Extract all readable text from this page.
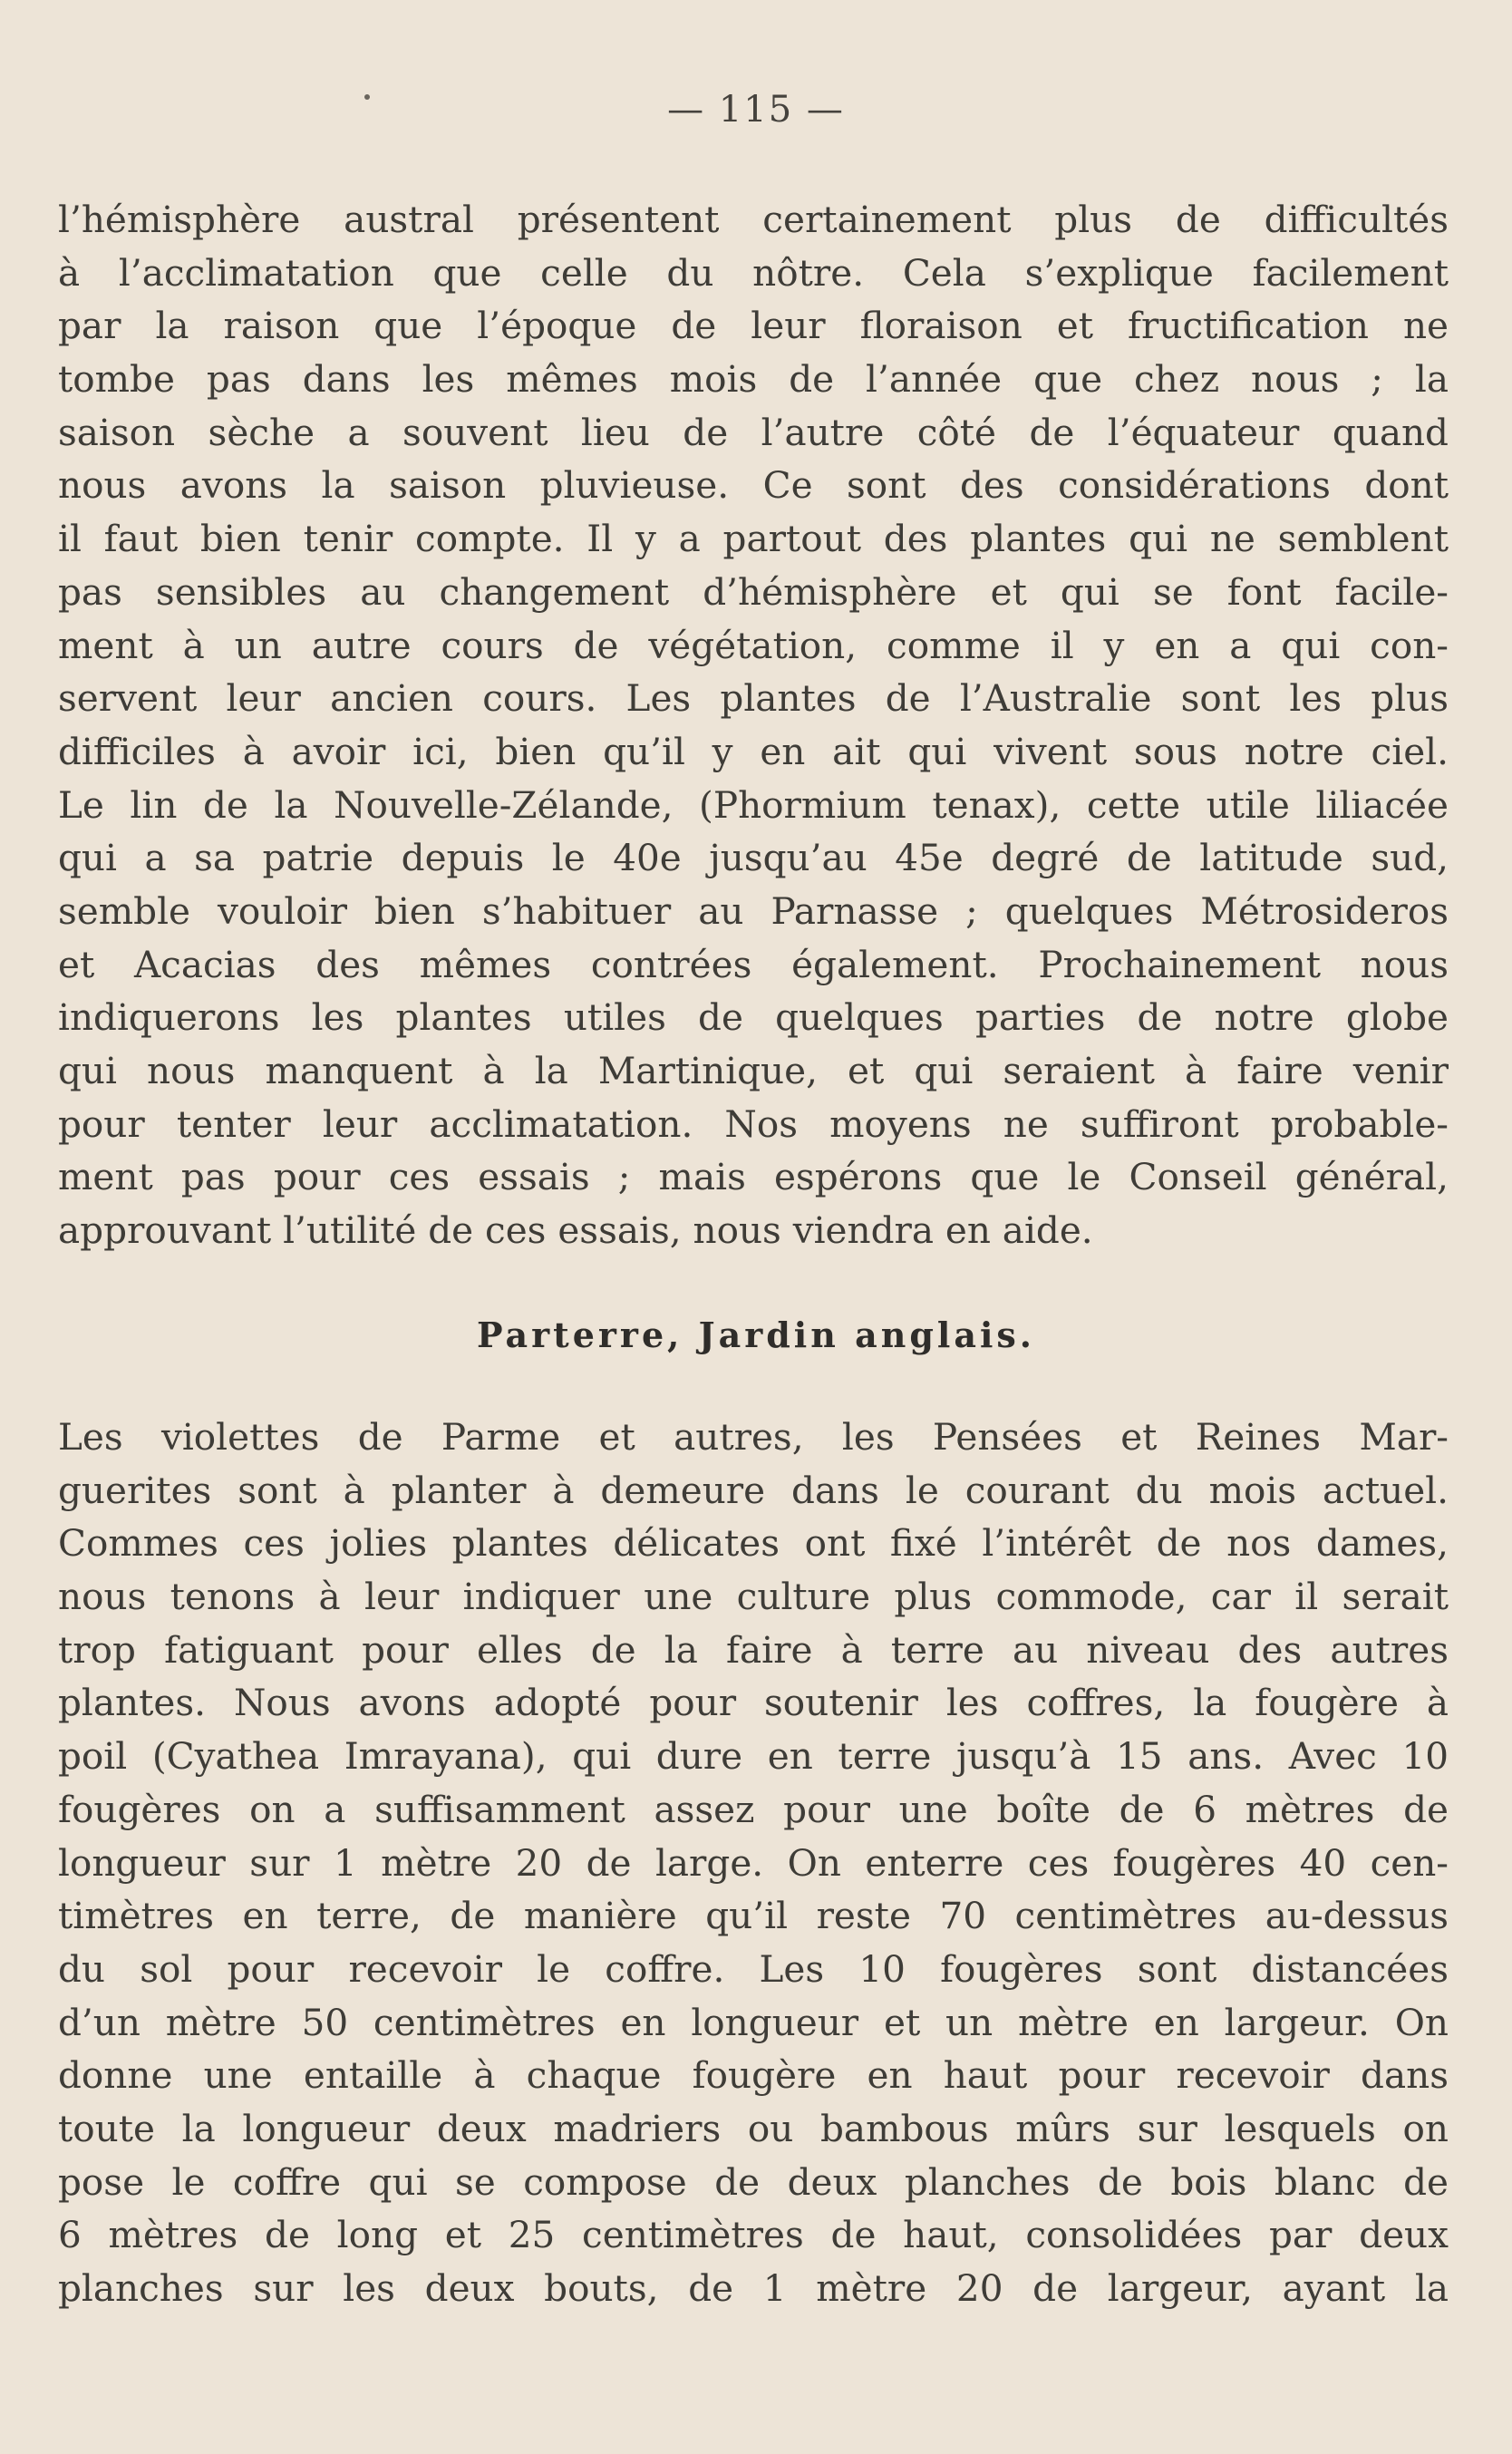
— 115 —
l’hémisphère austral présentent certainement plus de difficultés
à l’acclimatation que celle du nôtre. Cela s’explique facilement
par la raison que l’époque de leur floraison et fructification ne
tombe pas dans les mêmes mois de l’année que chez nous ; la
saison sèche a souvent lieu de l’autre côté de l’équateur quand
nous avons la saison pluvieuse. Ce sont des considérations dont
il faut bien tenir compte. Il y a partout des plantes qui ne semblent
pas sensibles au changement d’hémisphère et qui se font facile-
ment à un autre cours de végétation, comme il y en a qui con-
servent leur ancien cours. Les plantes de l’Australie sont les plus
difficiles à avoir ici, bien qu’il y en ait qui vivent sous notre ciel.
Le lin de la Nouvelle-Zélande, (Phormium tenax), cette utile liliacée
qui a sa patrie depuis le 40e jusqu’au 45e degré de latitude sud,
semble vouloir bien s’habituer au Parnasse ; quelques Métrosideros
et Acacias des mêmes contrées également. Prochainement nous
indiquerons les plantes utiles de quelques parties de notre globe
qui nous manquent à la Martinique, et qui seraient à faire venir
pour tenter leur acclimatation. Nos moyens ne suffiront probable-
ment pas pour ces essais ; mais espérons que le Conseil général,
approuvant l’utilité de ces essais, nous viendra en aide.
Parterre, Jardin anglais.
Les violettes de Parme et autres, les Pensées et Reines Mar-
guerites sont à planter à demeure dans le courant du mois actuel.
Commes ces jolies plantes délicates ont fixé l’intérêt de nos dames,
nous tenons à leur indiquer une culture plus commode, car il serait
trop fatiguant pour elles de la faire à terre au niveau des autres
plantes. Nous avons adopté pour soutenir les coffres, la fougère à
poil (Cyathea Imrayana), qui dure en terre jusqu’à 15 ans. Avec 10
fougères on a suffisamment assez pour une boîte de 6 mètres de
longueur sur 1 mètre 20 de large. On enterre ces fougères 40 cen-
timètres en terre, de manière qu’il reste 70 centimètres au-dessus
du sol pour recevoir le coffre. Les 10 fougères sont distancées
d’un mètre 50 centimètres en longueur et un mètre en largeur. On
donne une entaille à chaque fougère en haut pour recevoir dans
toute la longueur deux madriers ou bambous mûrs sur lesquels on
pose le coffre qui se compose de deux planches de bois blanc de
6 mètres de long et 25 centimètres de haut, consolidées par deux
planches sur les deux bouts, de 1 mètre 20 de largeur, ayant la
